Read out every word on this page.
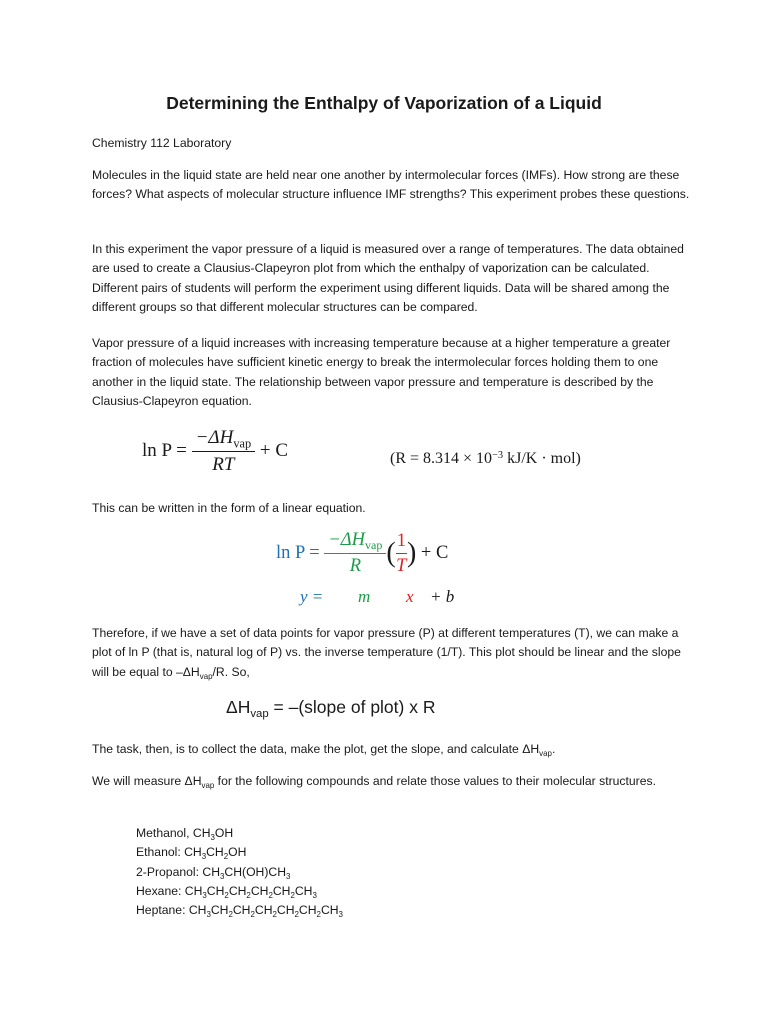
Determining the Enthalpy of Vaporization of a Liquid
Chemistry 112 Laboratory
Molecules in the liquid state are held near one another by intermolecular forces (IMFs). How strong are these forces? What aspects of molecular structure influence IMF strengths? This experiment probes these questions.
In this experiment the vapor pressure of a liquid is measured over a range of temperatures. The data obtained are used to create a Clausius-Clapeyron plot from which the enthalpy of vaporization can be calculated. Different pairs of students will perform the experiment using different liquids. Data will be shared among the different groups so that different molecular structures can be compared.
Vapor pressure of a liquid increases with increasing temperature because at a higher temperature a greater fraction of molecules have sufficient kinetic energy to break the intermolecular forces holding them to one another in the liquid state. The relationship between vapor pressure and temperature is described by the Clausius-Clapeyron equation.
$\ln P = \frac{-\Delta H_{vap}}{RT} + C$	($R = 8.314 \times 10^{-3}$ kJ/K · mol)
This can be written in the form of a linear equation.
$\ln P = \frac{-\Delta H_{vap}}{R}$ ( $\frac{1}{T}$ ) + C
y = m x + b
Therefore, if we have a set of data points for vapor pressure (P) at different temperatures (T), we can make a plot of ln P (that is, natural log of P) vs. the inverse temperature (1/T). This plot should be linear and the slope will be equal to $-\Delta H_{vap}/R$. So,
$\Delta H_{vap}$ = –(slope of plot) x R
The task, then, is to collect the data, make the plot, get the slope, and calculate $\Delta H_{vap}$.
We will measure $\Delta H_{vap}$ for the following compounds and relate those values to their molecular structures.
Methanol, $CH_3OH$
Ethanol: $CH_3CH_2OH$
2-Propanol: $CH_3CH(OH)CH_3$
Hexane: $CH_3CH_2CH_2CH_2CH_2CH_3$
Heptane: $CH_3CH_2CH_2CH_2CH_2CH_2CH_3$
